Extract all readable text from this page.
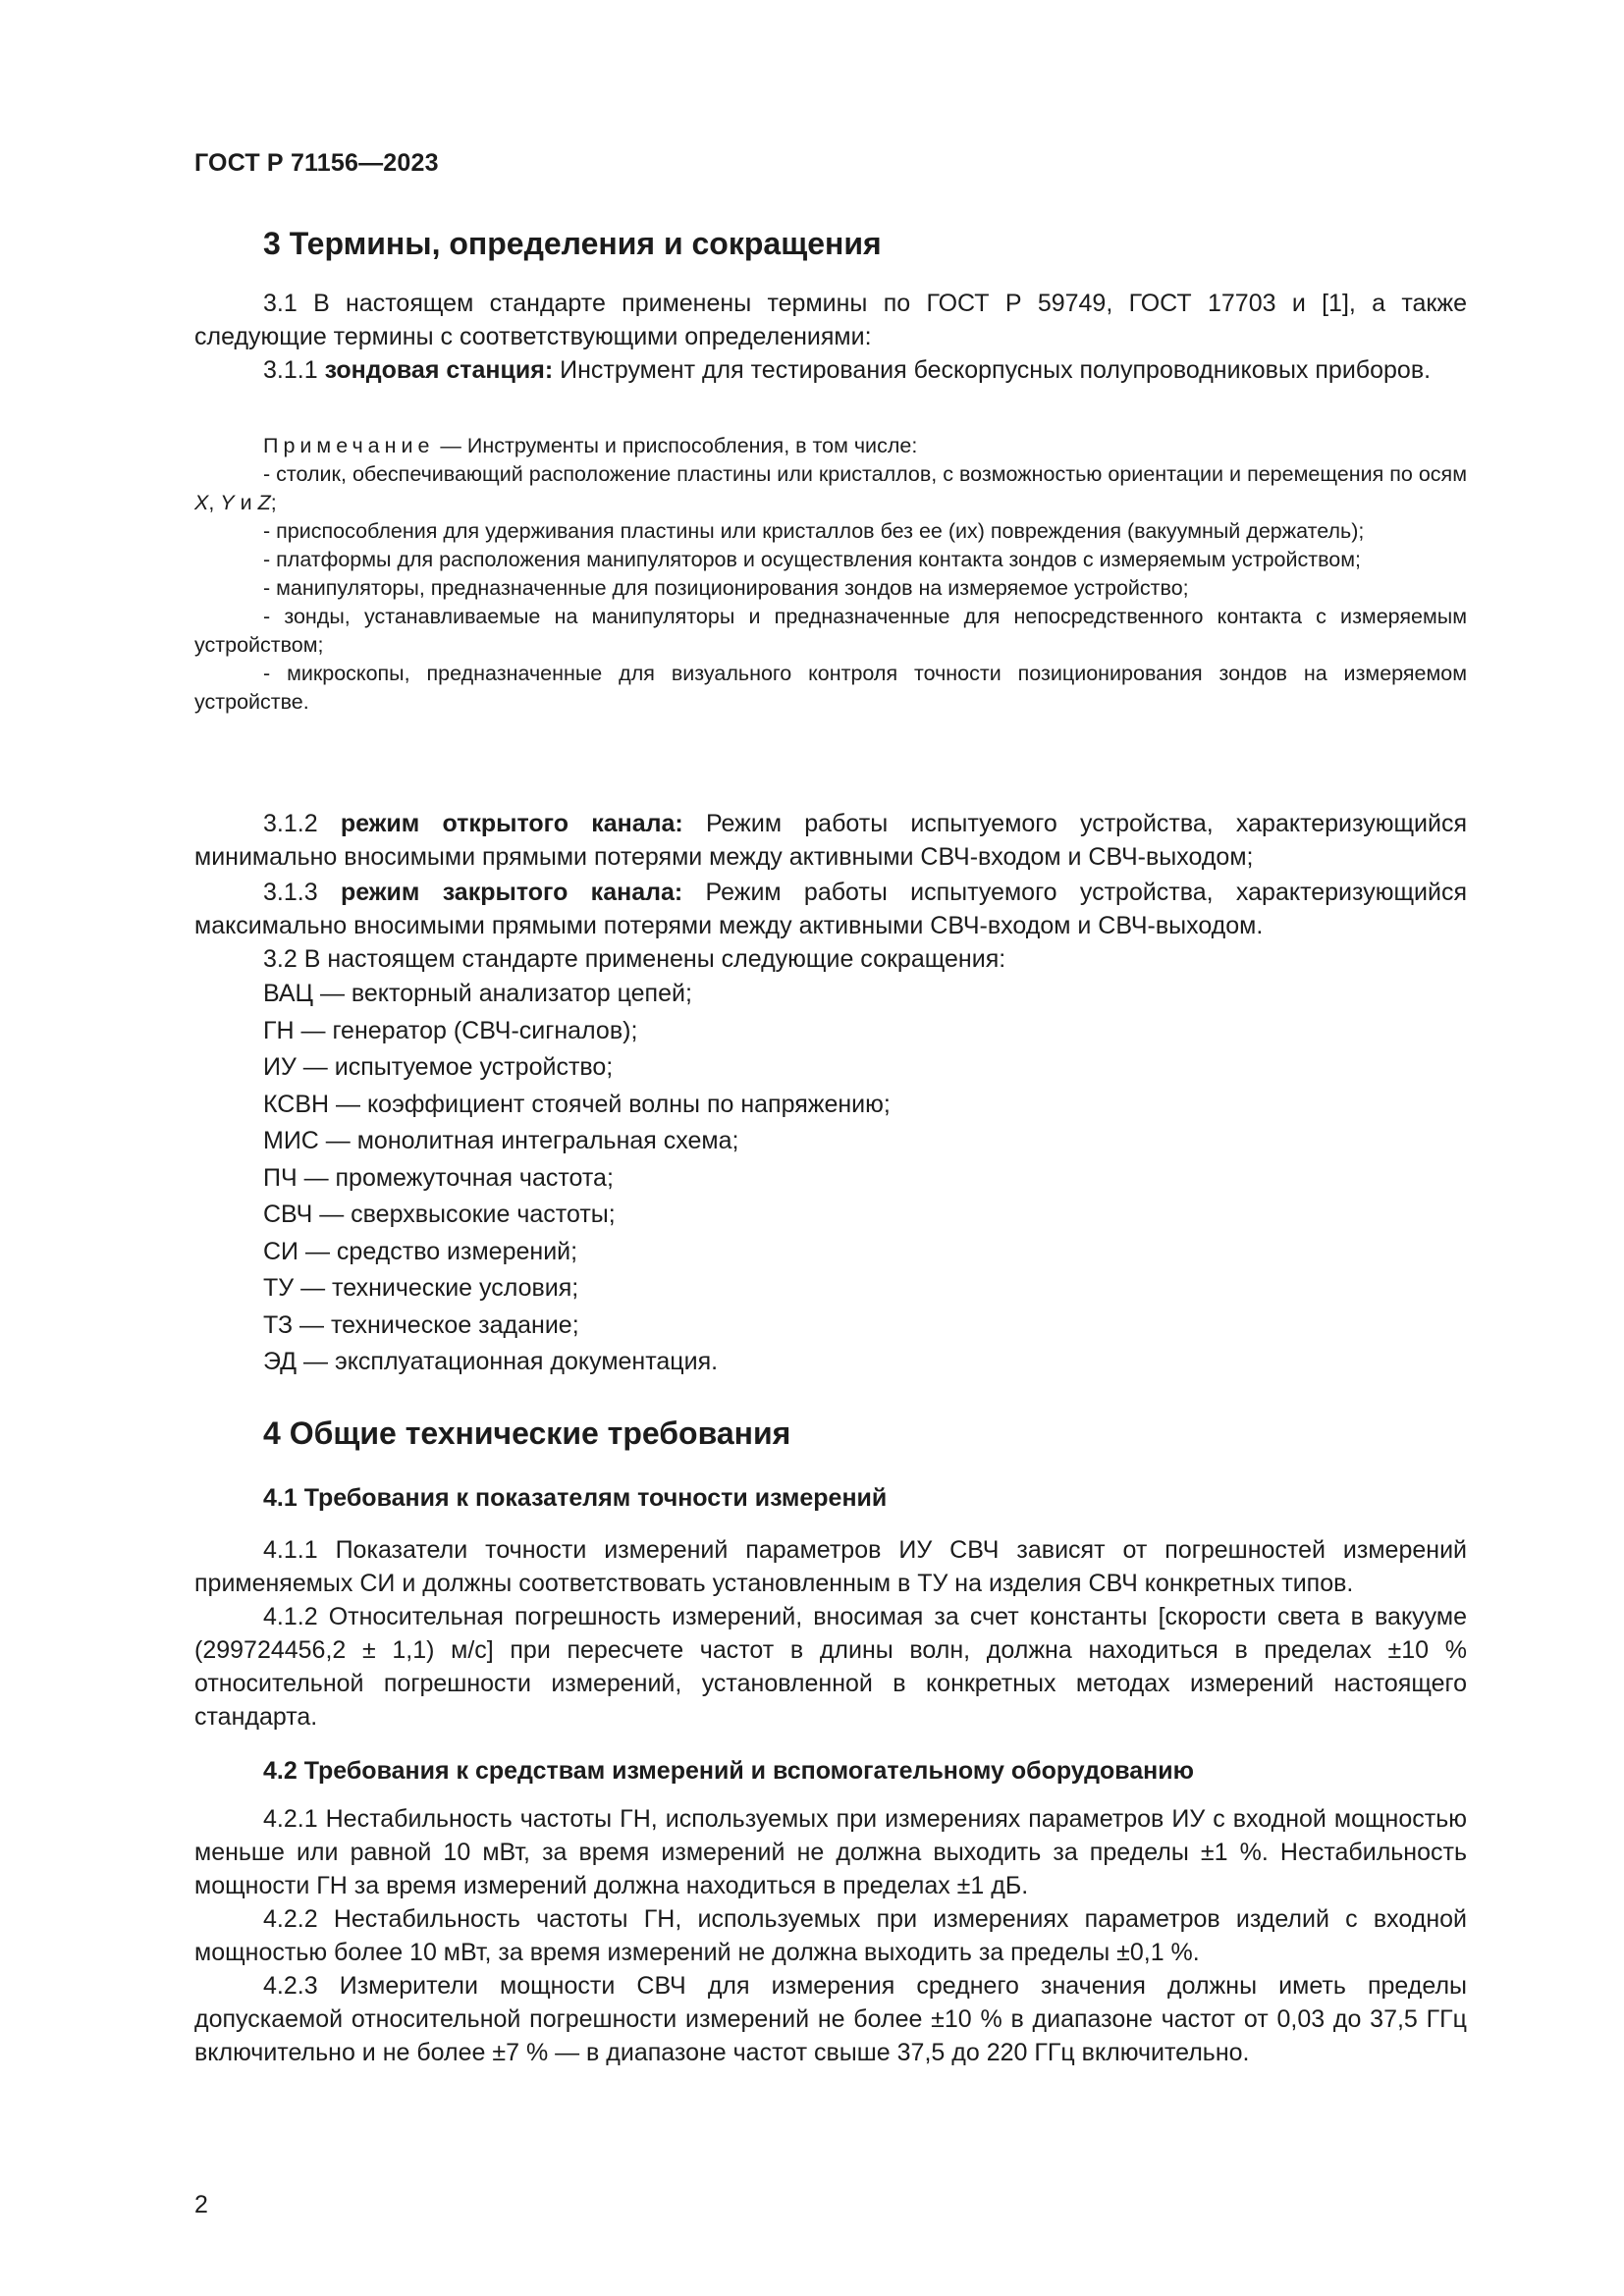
ГОСТ Р 71156—2023
3 Термины, определения и сокращения

3.1 В настоящем стандарте применены термины по ГОСТ Р 59749, ГОСТ 17703 и [1], а также следующие термины с соответствующими определениями:

3.1.1 зондовая станция: Инструмент для тестирования бескорпусных полупроводниковых приборов.

Примечание — Инструменты и приспособления, в том числе:
- столик, обеспечивающий расположение пластины или кристаллов, с возможностью ориентации и перемещения по осям X, Y и Z;
- приспособления для удерживания пластины или кристаллов без ее (их) повреждения (вакуумный держатель);
- платформы для расположения манипуляторов и осуществления контакта зондов с измеряемым устройством;
- манипуляторы, предназначенные для позиционирования зондов на измеряемое устройство;
- зонды, устанавливаемые на манипуляторы и предназначенные для непосредственного контакта с измеряемым устройством;
- микроскопы, предназначенные для визуального контроля точности позиционирования зондов на измеряемом устройстве.

3.1.2 режим открытого канала: Режим работы испытуемого устройства, характеризующийся минимально вносимыми прямыми потерями между активными СВЧ-входом и СВЧ-выходом;

3.1.3 режим закрытого канала: Режим работы испытуемого устройства, характеризующийся максимально вносимыми прямыми потерями между активными СВЧ-входом и СВЧ-выходом.

3.2 В настоящем стандарте применены следующие сокращения:

ВАЦ — векторный анализатор цепей;
ГН — генератор (СВЧ-сигналов);
ИУ — испытуемое устройство;
КСВН — коэффициент стоячей волны по напряжению;
МИС — монолитная интегральная схема;
ПЧ — промежуточная частота;
СВЧ — сверхвысокие частоты;
СИ — средство измерений;
ТУ — технические условия;
ТЗ — техническое задание;
ЭД — эксплуатационная документация.
4 Общие технические требования
4.1 Требования к показателям точности измерений

4.1.1 Показатели точности измерений параметров ИУ СВЧ зависят от погрешностей измерений применяемых СИ и должны соответствовать установленным в ТУ на изделия СВЧ конкретных типов.

4.1.2 Относительная погрешность измерений, вносимая за счет константы [скорости света в вакууме (299724456,2 ± 1,1) м/с] при пересчете частот в длины волн, должна находиться в пределах ±10 % относительной погрешности измерений, установленной в конкретных методах измерений настоящего стандарта.

4.2 Требования к средствам измерений и вспомогательному оборудованию

4.2.1 Нестабильность частоты ГН, используемых при измерениях параметров ИУ с входной мощностью меньше или равной 10 мВт, за время измерений не должна выходить за пределы ±1 %. Нестабильность мощности ГН за время измерений должна находиться в пределах ±1 дБ.

4.2.2 Нестабильность частоты ГН, используемых при измерениях параметров изделий с входной мощностью более 10 мВт, за время измерений не должна выходить за пределы ±0,1 %.

4.2.3 Измерители мощности СВЧ для измерения среднего значения должны иметь пределы допускаемой относительной погрешности измерений не более ±10 % в диапазоне частот от 0,03 до 37,5 ГГц включительно и не более ±7 % — в диапазоне частот свыше 37,5 до 220 ГГц включительно.

2
